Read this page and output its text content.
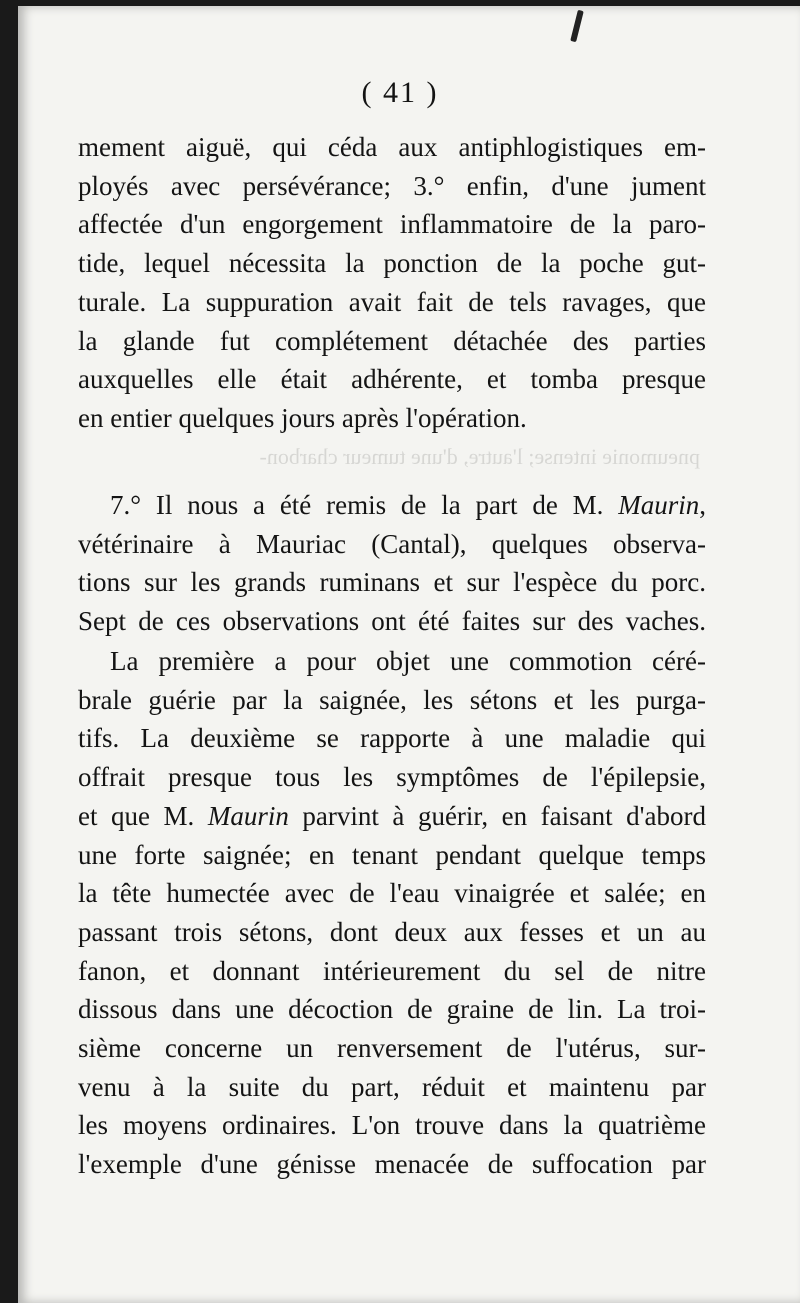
( 41 )
pneumonie intense; l'autre, d'une tumeur charbon-
mement aiguë, qui céda aux antiphlogistiques em-
ployés avec persévérance; 3.° enfin, d'une jument
affectée d'un engorgement inflammatoire de la paro-
tide, lequel nécessita la ponction de la poche gut-
turale. La suppuration avait fait de tels ravages, que
la glande fut complétement détachée des parties
auxquelles elle était adhérente, et tomba presque
en entier quelques jours après l'opération.
7.° Il nous a été remis de la part de M. Maurin,
vétérinaire à Mauriac (Cantal), quelques observa-
tions sur les grands ruminans et sur l'espèce du porc.
Sept de ces observations ont été faites sur des vaches.
La première a pour objet une commotion céré-
brale guérie par la saignée, les sétons et les purga-
tifs. La deuxième se rapporte à une maladie qui
offrait presque tous les symptômes de l'épilepsie,
et que M. Maurin parvint à guérir, en faisant d'abord
une forte saignée; en tenant pendant quelque temps
la tête humectée avec de l'eau vinaigrée et salée; en
passant trois sétons, dont deux aux fesses et un au
fanon, et donnant intérieurement du sel de nitre
dissous dans une décoction de graine de lin. La troi-
sième concerne un renversement de l'utérus, sur-
venu à la suite du part, réduit et maintenu par
les moyens ordinaires. L'on trouve dans la quatrième
l'exemple d'une génisse menacée de suffocation par
